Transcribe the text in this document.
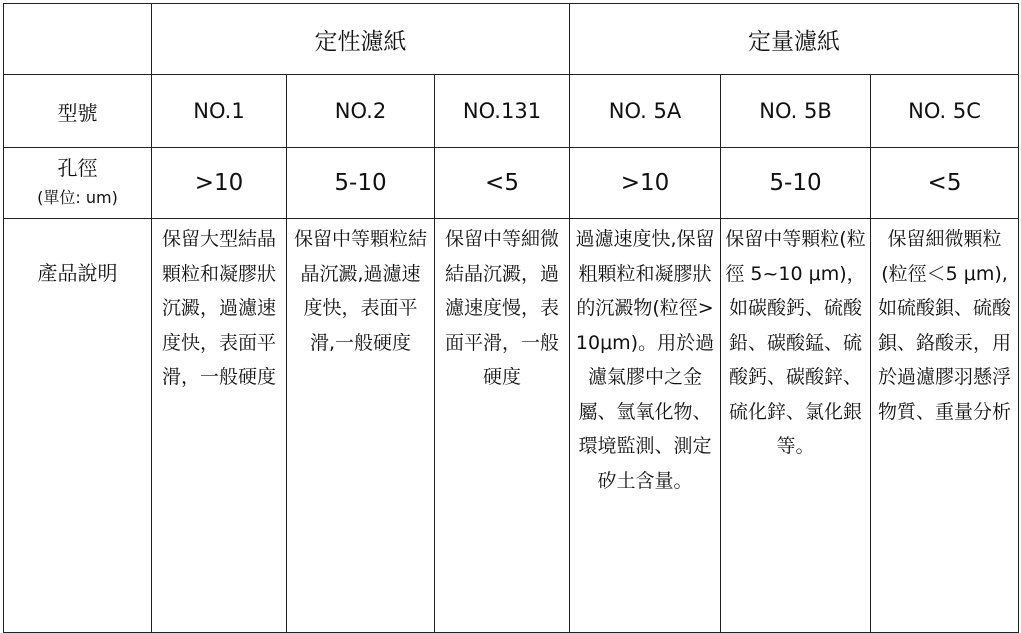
	定性濾紙			定量濾紙		
型號	NO.1	NO.2	NO.131	NO. 5A	NO. 5B	NO. 5C

孔徑
(單位: um)	>10	5-10	<5	>10	5-10	<5
產品說明	保留大型結晶顆粒和凝膠狀沉澱，過濾速度快，表面平滑，一般硬度	保留中等顆粒結晶沉澱,過濾速度快，表面平滑,一般硬度	保留中等細微結晶沉澱，過濾速度慢，表面平滑，一般硬度	過濾速度快,保留粗顆粒和凝膠狀的沉澱物(粒徑>10μm)。用於過濾氣膠中之金屬、氫氧化物、環境監測、測定矽土含量。	保留中等顆粒(粒徑 5~10 μm)，如碳酸鈣、硫酸鉛、碳酸錳、硫酸鈣、碳酸鋅、硫化鋅、氯化銀等。	保留細微顆粒(粒徑＜5 μm),如硫酸鋇、硫酸鋇、鉻酸汞，用於過濾膠羽懸浮物質、重量分析
